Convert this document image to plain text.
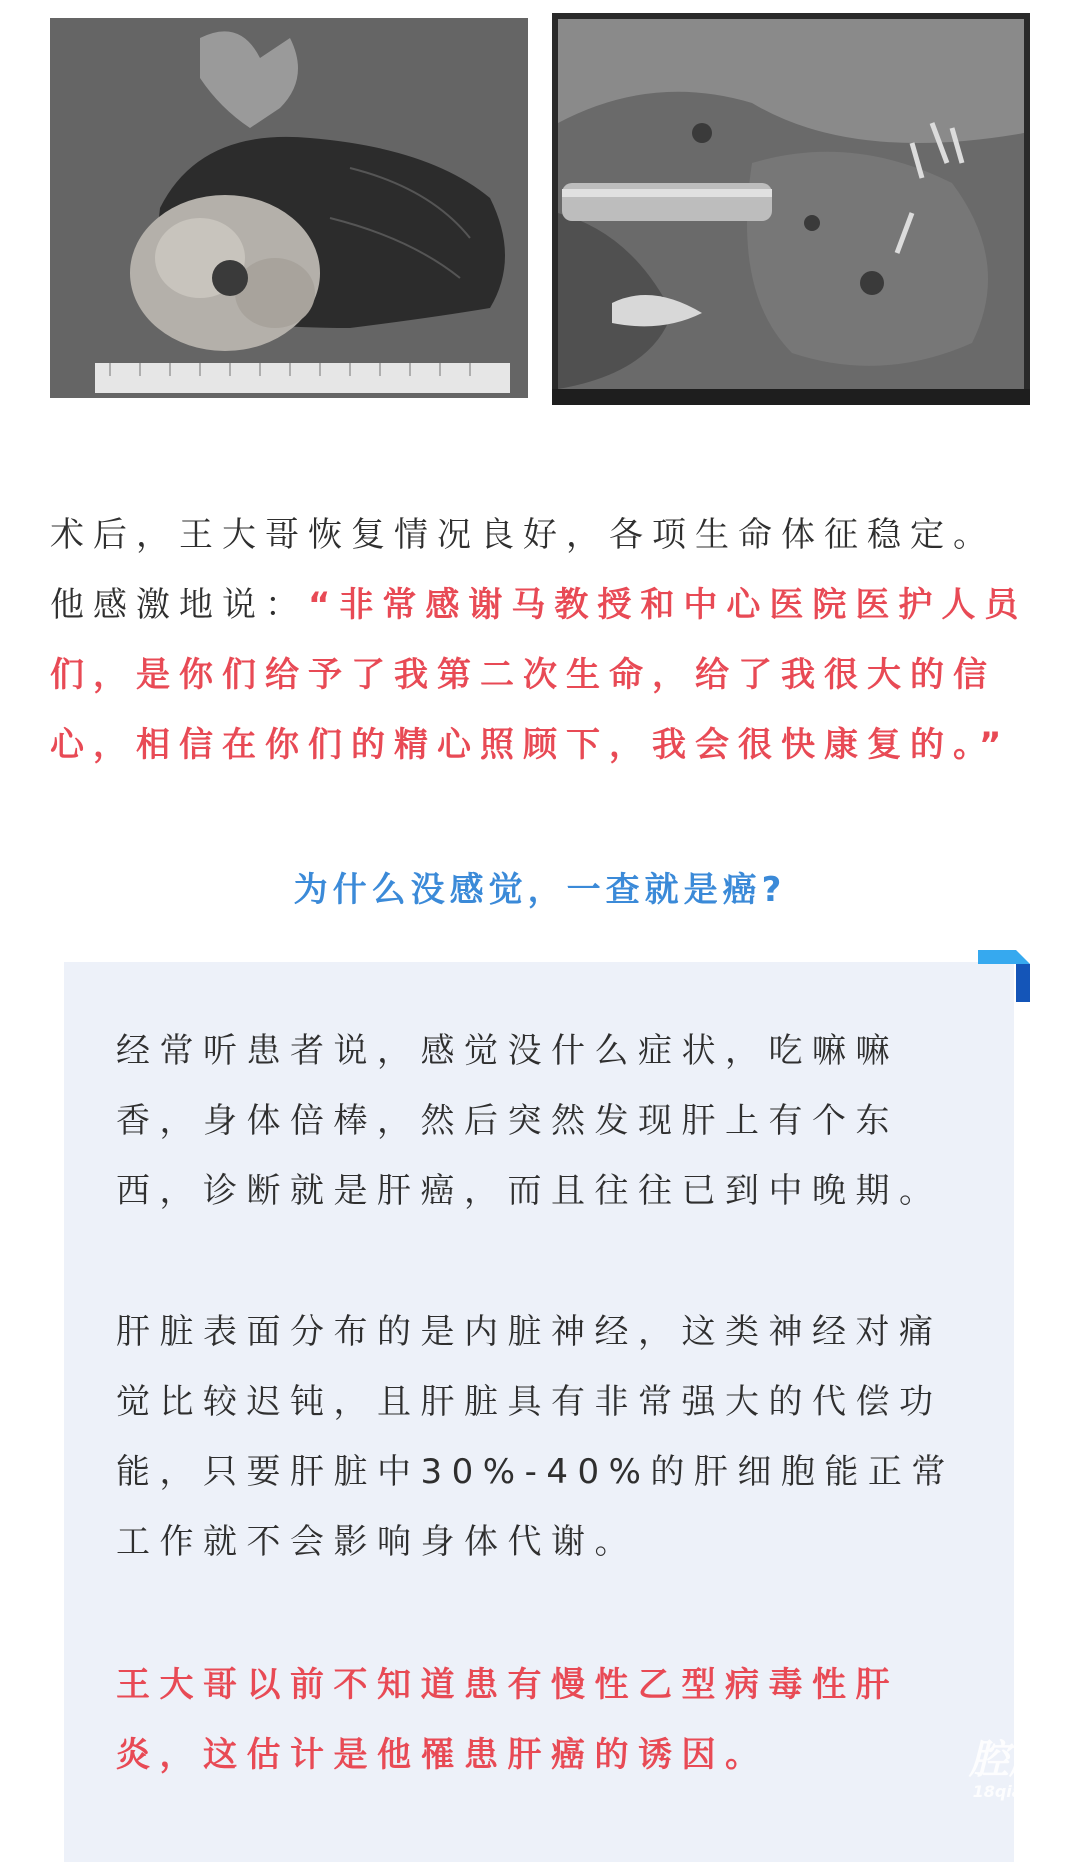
术后，王大哥恢复情况良好，各项生命体征稳定。他感激地说：“非常感谢马教授和中心医院医护人员们，是你们给予了我第二次生命，给了我很大的信心，相信在你们的精心照顾下，我会很快康复的。”

为什么没感觉，一查就是癌?

经常听患者说，感觉没什么症状，吃嘛嘛香，身体倍棒，然后突然发现肝上有个东西，诊断就是肝癌，而且往往已到中晚期。

肝脏表面分布的是内脏神经，这类神经对痛觉比较迟钝，且肝脏具有非常强大的代偿功能，只要肝脏中30%-40%的肝细胞能正常工作就不会影响身体代谢。

王大哥以前不知道患有慢性乙型病毒性肝炎，这估计是他罹患肝癌的诱因。	腔肋
18qiang
